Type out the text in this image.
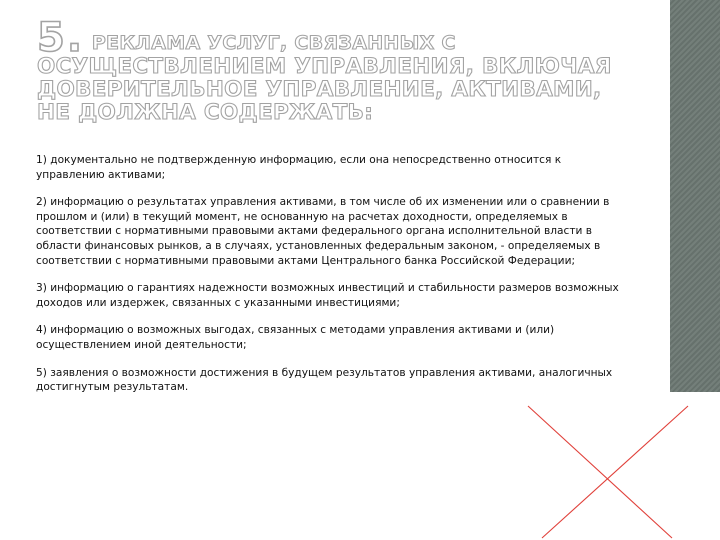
5. РЕКЛАМА УСЛУГ, СВЯЗАННЫХ С
ОСУЩЕСТВЛЕНИЕМ УПРАВЛЕНИЯ, ВКЛЮЧАЯ ДОВЕРИТЕЛЬНОЕ УПРАВЛЕНИЕ, АКТИВАМИ, НЕ ДОЛЖНА СОДЕРЖАТЬ:

1) документально не подтвержденную информацию, если она непосредственно относится к управлению активами;

2) информацию о результатах управления активами, в том числе об их изменении или о сравнении в прошлом и (или) в текущий момент, не основанную на расчетах доходности, определяемых в соответствии с нормативными правовыми актами федерального органа исполнительной власти в области финансовых рынков, а в случаях, установленных федеральным законом, - определяемых в соответствии с нормативными правовыми актами Центрального банка Российской Федерации;

3) информацию о гарантиях надежности возможных инвестиций и стабильности размеров возможных доходов или издержек, связанных с указанными инвестициями;

4) информацию о возможных выгодах, связанных с методами управления активами и (или) осуществлением иной деятельности;

5) заявления о возможности достижения в будущем результатов управления активами, аналогичных достигнутым результатам.
